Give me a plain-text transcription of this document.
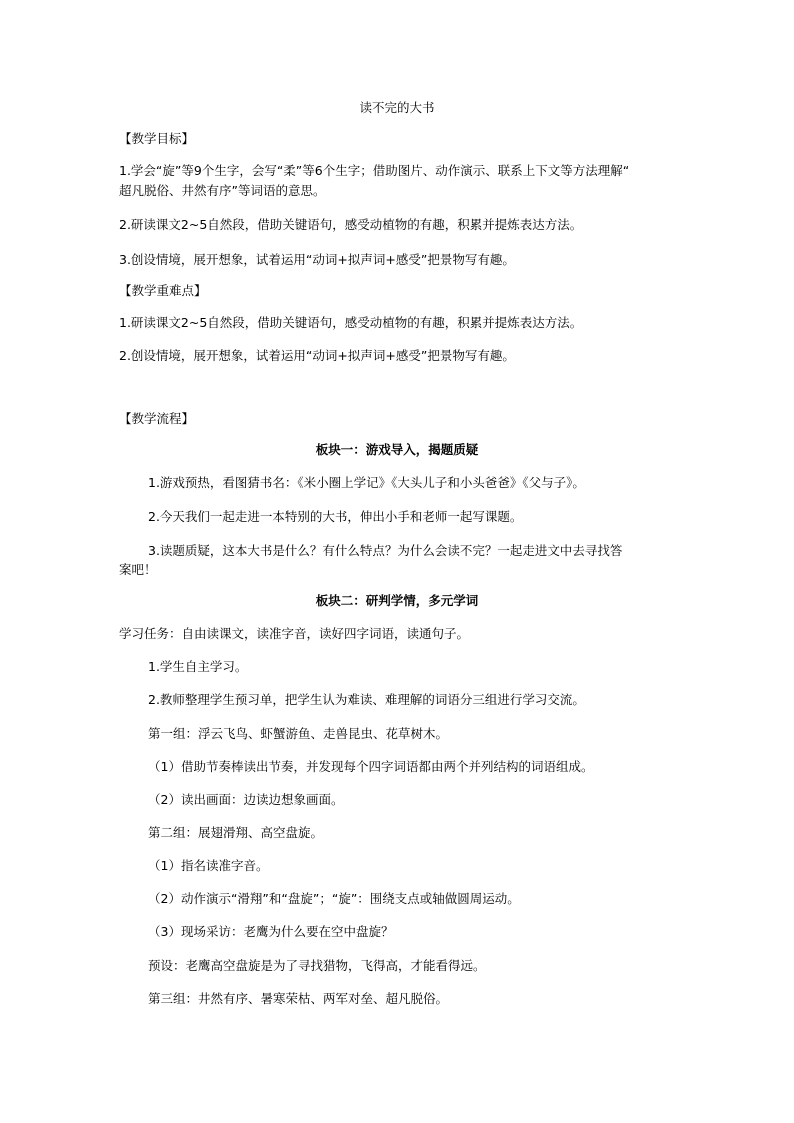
读不完的大书
【教学目标】
1.学会“旋”等9个生字，会写“柔”等6个生字；借助图片、动作演示、联系上下文等方法理解“
超凡脱俗、井然有序”等词语的意思。
2.研读课文2~5自然段，借助关键语句，感受动植物的有趣，积累并提炼表达方法。
3.创设情境，展开想象，试着运用“动词+拟声词+感受”把景物写有趣。
【教学重难点】
1.研读课文2~5自然段，借助关键语句，感受动植物的有趣，积累并提炼表达方法。
2.创设情境，展开想象，试着运用“动词+拟声词+感受”把景物写有趣。
【教学流程】
板块一：游戏导入，揭题质疑
1.游戏预热，看图猜书名：《米小圈上学记》《大头儿子和小头爸爸》《父与子》。
2.今天我们一起走进一本特别的大书，伸出小手和老师一起写课题。
3.读题质疑，这本大书是什么？有什么特点？为什么会读不完？一起走进文中去寻找答
案吧！
板块二：研判学情，多元学词
学习任务：自由读课文，读准字音，读好四字词语，读通句子。
1.学生自主学习。
2.教师整理学生预习单，把学生认为难读、难理解的词语分三组进行学习交流。
第一组：浮云飞鸟、虾蟹游鱼、走兽昆虫、花草树木。
（1）借助节奏棒读出节奏，并发现每个四字词语都由两个并列结构的词语组成。
（2）读出画面：边读边想象画面。
第二组：展翅滑翔、高空盘旋。
（1）指名读准字音。
（2）动作演示“滑翔”和“盘旋”；“旋”：围绕支点或轴做圆周运动。
（3）现场采访：老鹰为什么要在空中盘旋？
预设：老鹰高空盘旋是为了寻找猎物，飞得高，才能看得远。
第三组：井然有序、暑寒荣枯、两军对垒、超凡脱俗。
